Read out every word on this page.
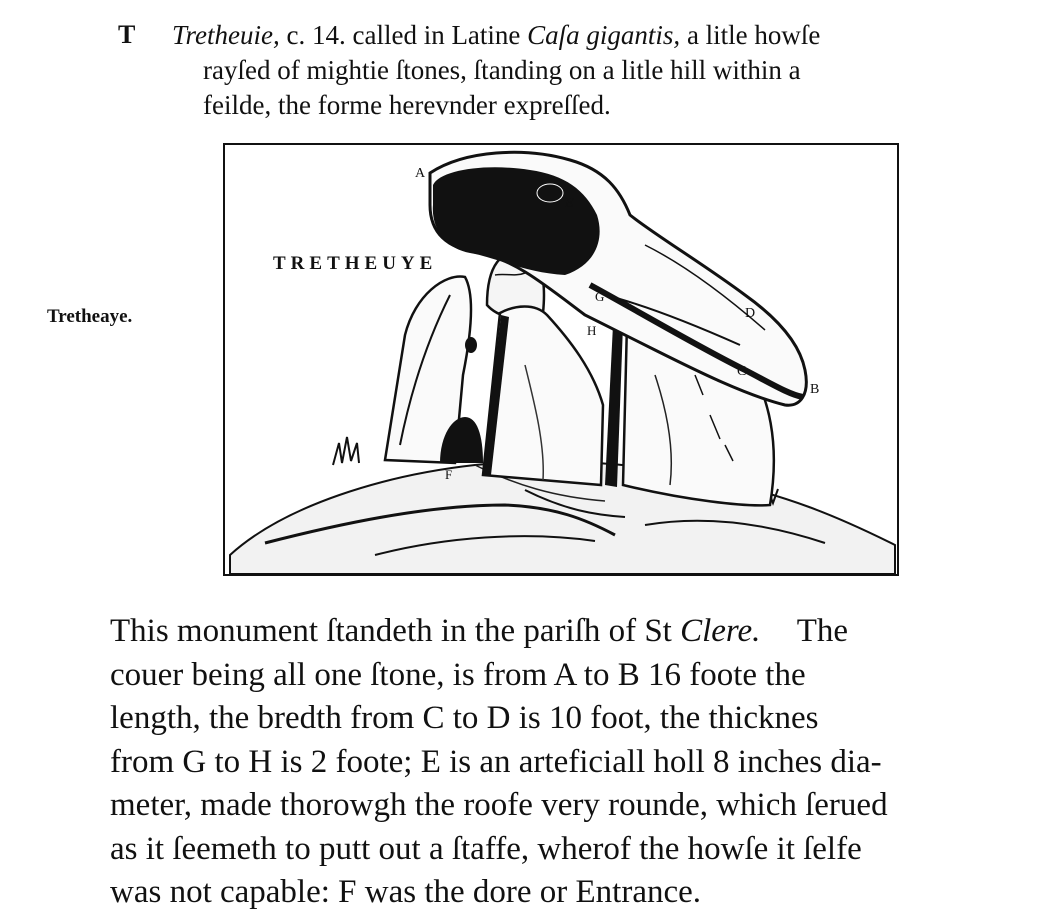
T Tretheuie, c. 14. called in Latine Caſa gigantis, a litle howſe
rayſed of mightie ſtones, ſtanding on a litle hill within a
feilde, the forme herevnder expreſſed.
Tretheaye.
TRETHEUYE
A
E
D
C
B
G
H
F
This monument ſtandeth in the pariſh of St Clere. The
couer being all one ſtone, is from A to B 16 foote the
length, the bredth from C to D is 10 foot, the thicknes
from G to H is 2 foote; E is an arteficiall holl 8 inches dia-
meter, made thorowgh the roofe very rounde, which ſerued
as it ſeemeth to putt out a ſtaffe, wherof the howſe it ſelfe
was not capable: F was the dore or Entrance.
